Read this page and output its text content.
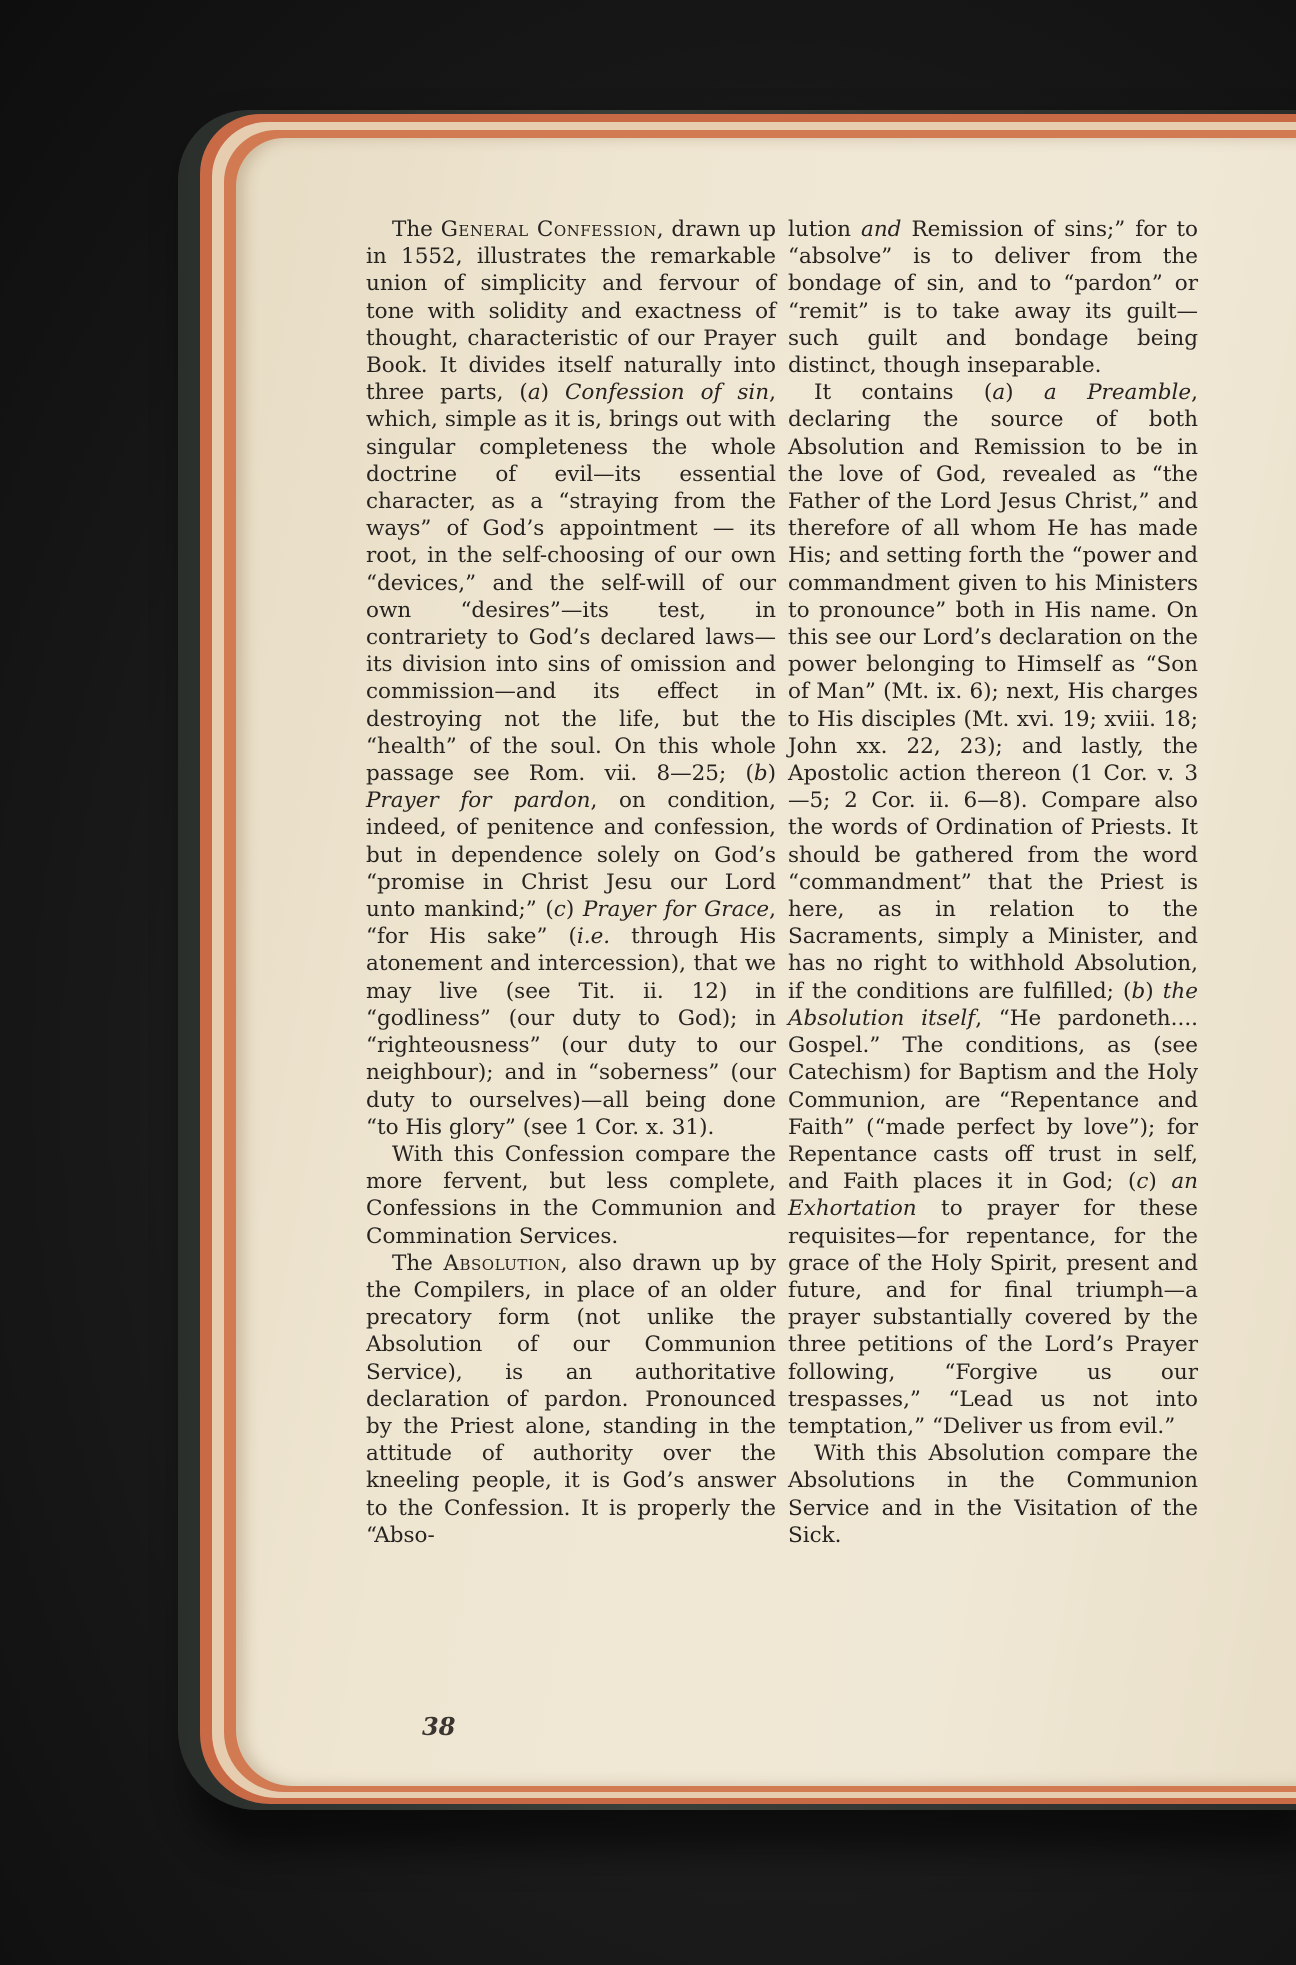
The General Confession, drawn up in 1552, illustrates the remarkable union of simplicity and fervour of tone with solidity and exactness of thought, characteristic of our Prayer Book. It divides itself naturally into three parts, (a) Confession of sin, which, simple as it is, brings out with singular completeness the whole doctrine of evil—its essential character, as a “straying from the ways” of God’s appointment — its root, in the self-choosing of our own “devices,” and the self-will of our own “desires”—its test, in contrariety to God’s declared laws—its division into sins of omission and commission—and its effect in destroying not the life, but the “health” of the soul. On this whole passage see Rom. vii. 8—25; (b) Prayer for pardon, on condition, indeed, of penitence and confession, but in dependence solely on God’s “promise in Christ Jesu our Lord unto mankind;” (c) Prayer for Grace, “for His sake” (i.e. through His atonement and intercession), that we may live (see Tit. ii. 12) in “godliness” (our duty to God); in “righteousness” (our duty to our neighbour); and in “soberness” (our duty to ourselves)—all being done “to His glory” (see 1 Cor. x. 31).

With this Confession compare the more fervent, but less complete, Confessions in the Communion and Commination Services.

The Absolution, also drawn up by the Compilers, in place of an older precatory form (not unlike the Absolution of our Communion Service), is an authoritative declaration of pardon. Pronounced by the Priest alone, standing in the attitude of authority over the kneeling people, it is God’s answer to the Confession. It is properly the “Abso-

lution and Remission of sins;” for to “absolve” is to deliver from the bondage of sin, and to “pardon” or “remit” is to take away its guilt—such guilt and bondage being distinct, though inseparable.

It contains (a) a Preamble, declaring the source of both Absolution and Remission to be in the love of God, revealed as “the Father of the Lord Jesus Christ,” and therefore of all whom He has made His; and setting forth the “power and commandment given to his Ministers to pronounce” both in His name. On this see our Lord’s declaration on the power belonging to Himself as “Son of Man” (Mt. ix. 6); next, His charges to His disciples (Mt. xvi. 19; xviii. 18; John xx. 22, 23); and lastly, the Apostolic action thereon (1 Cor. v. 3—5; 2 Cor. ii. 6—8). Compare also the words of Ordination of Priests. It should be gathered from the word “commandment” that the Priest is here, as in relation to the Sacraments, simply a Minister, and has no right to withhold Absolution, if the conditions are fulfilled; (b) the Absolution itself, “He pardoneth.... Gospel.” The conditions, as (see Catechism) for Baptism and the Holy Communion, are “Repentance and Faith” (“made perfect by love”); for Repentance casts off trust in self, and Faith places it in God; (c) an Exhortation to prayer for these requisites—for repentance, for the grace of the Holy Spirit, present and future, and for final triumph—a prayer substantially covered by the three petitions of the Lord’s Prayer following, “Forgive us our trespasses,” “Lead us not into temptation,” “Deliver us from evil.”

With this Absolution compare the Absolutions in the Communion Service and in the Visitation of the Sick.

38
